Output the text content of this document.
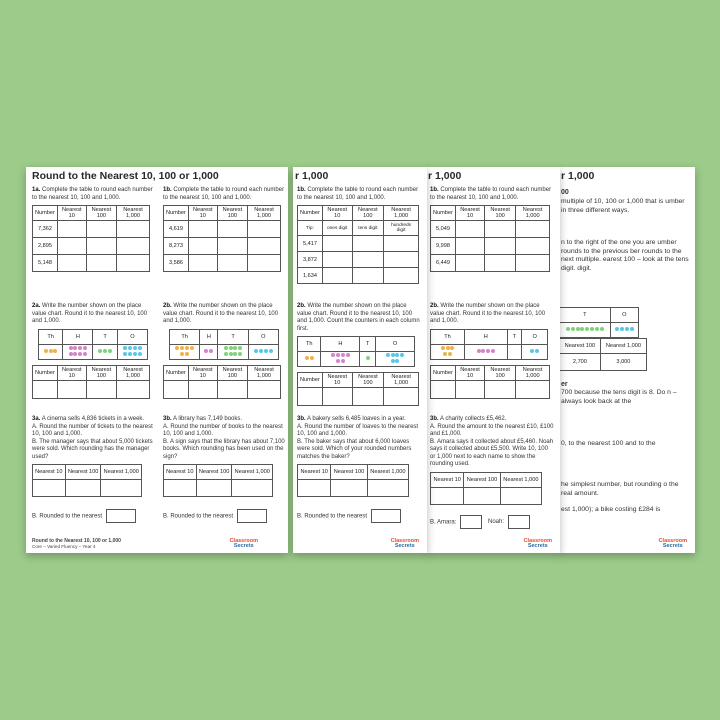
Round to the Nearest 10, 100 or 1,000
1a. Complete the table to round each number to the nearest 10, 100 and 1,000.
Number	Nearest 10	Nearest 100	Nearest 1,000
7,362			
2,895			
5,148			
2a. Write the number shown on the place value chart. Round it to the nearest 10, 100 and 1,000.
Th	H	T	O

Number	Nearest 10	Nearest 100	Nearest 1,000

3a. A cinema sells 4,836 tickets in a week.
A. Round the number of tickets to the nearest 10, 100 and 1,000.
B. The manager says that about 5,000 tickets were sold. Which rounding has the manager used?
Nearest 10	Nearest 100	Nearest 1,000

B. Rounded to the nearest
1b. Complete the table to round each number to the nearest 10, 100 and 1,000.
Number	Nearest 10	Nearest 100	Nearest 1,000
4,619			
8,273			
3,586			
2b. Write the number shown on the place value chart. Round it to the nearest 10, 100 and 1,000.
Th	H	T	O

Number	Nearest 10	Nearest 100	Nearest 1,000

3b. A library has 7,149 books.
A. Round the number of books to the nearest 10, 100 and 1,000.
B. A sign says that the library has about 7,100 books. Which rounding has been used on the sign?
Nearest 10	Nearest 100	Nearest 1,000

B. Rounded to the nearest
Round to the Nearest 10, 100 or 1,000
Core – Varied Fluency – Year 4
Classroom
Secrets
r 1,000
1b. Complete the table to round each number to the nearest 10, 100 and 1,000.
Number	Nearest 10	Nearest 100	Nearest 1,000
Tip:	ones digit	tens digit	hundreds digit
5,417			
3,872			
1,634			
2b. Write the number shown on the place value chart. Round it to the nearest 10, 100 and 1,000. Count the counters in each column first.
Th	H	T	O

Number	Nearest 10	Nearest 100	Nearest 1,000

3b. A bakery sells 6,485 loaves in a year.
A. Round the number of loaves to the nearest 10, 100 and 1,000.
B. The baker says that about 6,000 loaves were sold. Which of your rounded numbers matches the baker?
Nearest 10	Nearest 100	Nearest 1,000

B. Rounded to the nearest
Classroom
Secrets
r 1,000
1b. Complete the table to round each number to the nearest 10, 100 and 1,000.
Number	Nearest 10	Nearest 100	Nearest 1,000
5,049			
9,998			
6,449			
2b. Write the number shown on the place value chart. Round it to the nearest 10, 100 and 1,000.
Th	H	T	O

Number	Nearest 10	Nearest 100	Nearest 1,000

3b. A charity collects £5,462.
A. Round the amount to the nearest £10, £100 and £1,000.
B. Amara says it collected about £5,460. Noah says it collected about £5,500. Write 10, 100 or 1,000 next to each name to show the rounding used.
Nearest 10	Nearest 100	Nearest 1,000

B. Amara:	Noah:
Classroom
Secrets
r 1,000
00
multiple of 10, 100 or 1,000 that is umber in three different ways.
n to the right of the one you are umber rounds to the previous ber rounds to the next multiple. earest 100 – look at the tens digit. digit.
T	O

Nearest 100	Nearest 1,000
2,700	3,000
er
700 because the tens digit is 8. Do n – always look back at the
0, to the nearest 100 and to the
he simplest number, but rounding o the real amount.
est 1,000); a bike costing £284 is
Classroom
Secrets
